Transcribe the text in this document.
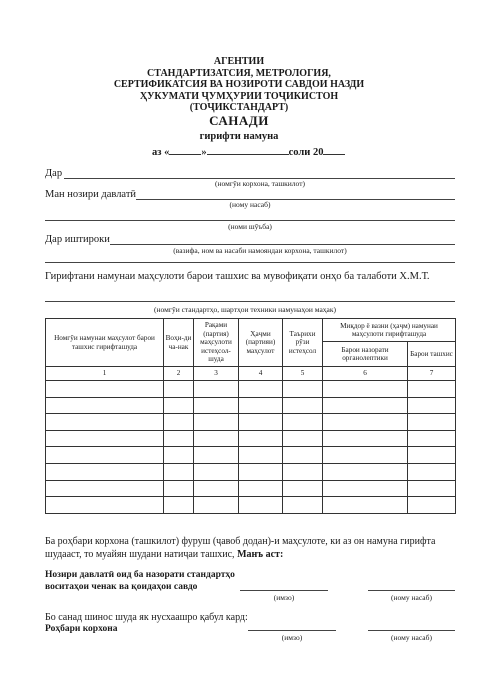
АГЕНТИИ
СТАНДАРТИЗАТСИЯ, МЕТРОЛОГИЯ,
СЕРТИФИКАТСИЯ ВА НОЗИРОТИ САВДОИ НАЗДИ
ҲУКУМАТИ ҶУМҲУРИИ ТОҶИКИСТОН
(ТОҶИКСТАНДАРТ)
САНАДИ
гирифти намуна
аз «	»	соли 20
Дар
(номгӯи корхона, ташкилот)
Ман нозири давлатӣ
(ному насаб)
(номи шӯъба)
Дар иштироки
(вазифа, ном ва насаби намояндаи корхона, ташкилот)
Гирифтани намунаи маҳсулоти барои ташхис ва мувофиқати онҳо ба талаботи Х.М.Т.
(номгӯи стандартҳо, шартҳои техники намунаҳои маҳак)
Номгӯи намунаи маҳсулот барои ташхис гирифташуда	Воҳи-ди ча-нак	Рақами (партия) маҳсулоти истеҳсол-шуда	Ҳаҷми (партияи) маҳсулот	Таърихи рӯзи истеҳсол	Миқдор ё вазни (ҳаҷм) намунаи маҳсулоти гирифташуда	
					Барои назорати органолептики	Барои ташхис
1	2	3	4	5	6	7

Ба роҳбари корхона (ташкилот) фуруш (ҷавоб додан)-и маҳсулоте, ки аз он намуна гирифта шудааст, то муайян шудани натиҷаи ташхис, Манъ аст:
Нозири давлатӣ оид ба назорати стандартҳо
воситаҳои ченак ва қоидаҳои савдо
(имзо)	(ному насаб)
Бо санад шинос шуда як нусхаашро қабул кард:
Роҳбари корхона
(имзо)	(ному насаб)
